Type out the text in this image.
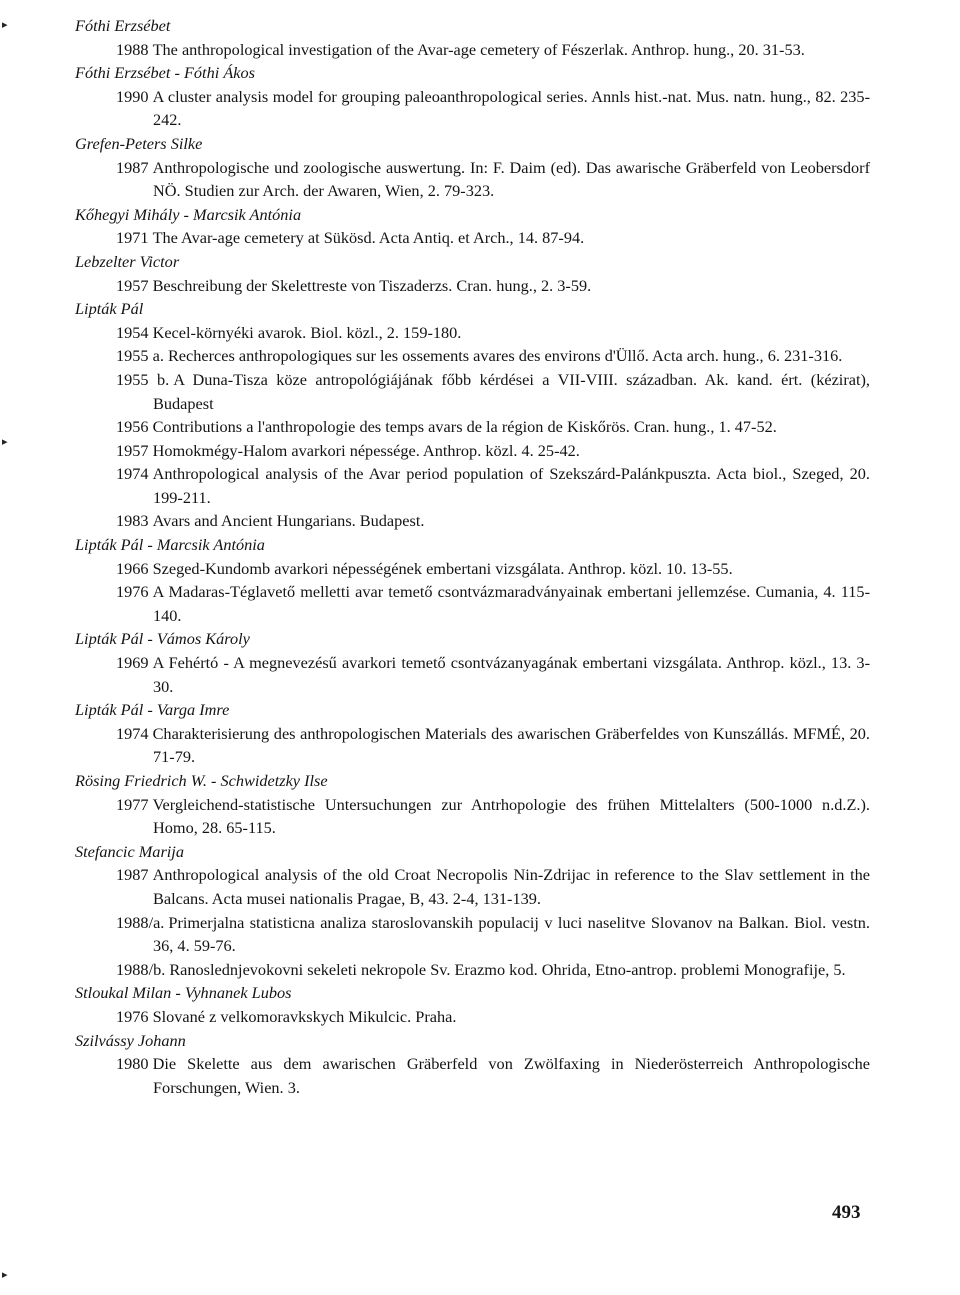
Fóthi Erzsébet
1988 The anthropological investigation of the Avar-age cemetery of Fészerlak. Anthrop. hung., 20. 31-53.
Fóthi Erzsébet - Fóthi Ákos
1990 A cluster analysis model for grouping paleoanthropological series. Annls hist.-nat. Mus. natn. hung., 82. 235-242.
Grefen-Peters Silke
1987 Anthropologische und zoologische auswertung. In: F. Daim (ed). Das awarische Gräberfeld von Leobersdorf NÖ. Studien zur Arch. der Awaren, Wien, 2. 79-323.
Kőhegyi Mihály - Marcsik Antónia
1971 The Avar-age cemetery at Sükösd. Acta Antiq. et Arch., 14. 87-94.
Lebzelter Victor
1957 Beschreibung der Skelettreste von Tiszaderzs. Cran. hung., 2. 3-59.
Lipták Pál
1954 Kecel-környéki avarok. Biol. közl., 2. 159-180.
1955 a. Recherces anthropologiques sur les ossements avares des environs d'Üllő. Acta arch. hung., 6. 231-316.
1955 b. A Duna-Tisza köze antropológiájának főbb kérdései a VII-VIII. században. Ak. kand. ért. (kézirat), Budapest
1956 Contributions a l'anthropologie des temps avars de la région de Kiskőrös. Cran. hung., 1. 47-52.
1957 Homokmégy-Halom avarkori népessége. Anthrop. közl. 4. 25-42.
1974 Anthropological analysis of the Avar period population of Szekszárd-Palánkpuszta. Acta biol., Szeged, 20. 199-211.
1983 Avars and Ancient Hungarians. Budapest.
Lipták Pál - Marcsik Antónia
1966 Szeged-Kundomb avarkori népességének embertani vizsgálata. Anthrop. közl. 10. 13-55.
1976 A Madaras-Téglavető melletti avar temető csontvázmaradványainak embertani jellemzése. Cumania, 4. 115-140.
Lipták Pál - Vámos Károly
1969 A Fehértó - A megnevezésű avarkori temető csontvázanyagának embertani vizsgálata. Anthrop. közl., 13. 3-30.
Lipták Pál - Varga Imre
1974 Charakterisierung des anthropologischen Materials des awarischen Gräberfeldes von Kunszállás. MFMÉ, 20. 71-79.
Rösing Friedrich W. - Schwidetzky Ilse
1977 Vergleichend-statistische Untersuchungen zur Antrhopologie des frühen Mittelalters (500-1000 n.d.Z.). Homo, 28. 65-115.
Stefancic Marija
1987 Anthropological analysis of the old Croat Necropolis Nin-Zdrijac in reference to the Slav settlement in the Balcans. Acta musei nationalis Pragae, B, 43. 2-4, 131-139.
1988/a. Primerjalna statisticna analiza staroslovanskih populacij v luci naselitve Slovanov na Balkan. Biol. vestn. 36, 4. 59-76.
1988/b. Ranoslednjevokovni sekeleti nekropole Sv. Erazmo kod. Ohrida, Etno-antrop. problemi Monografije, 5.
Stloukal Milan - Vyhnanek Lubos
1976 Slované z velkomoravkskych Mikulcic. Praha.
Szilvássy Johann
1980 Die Skelette aus dem awarischen Gräberfeld von Zwölfaxing in Niederösterreich Anthropologische Forschungen, Wien. 3.
493
▸
▸
▸
